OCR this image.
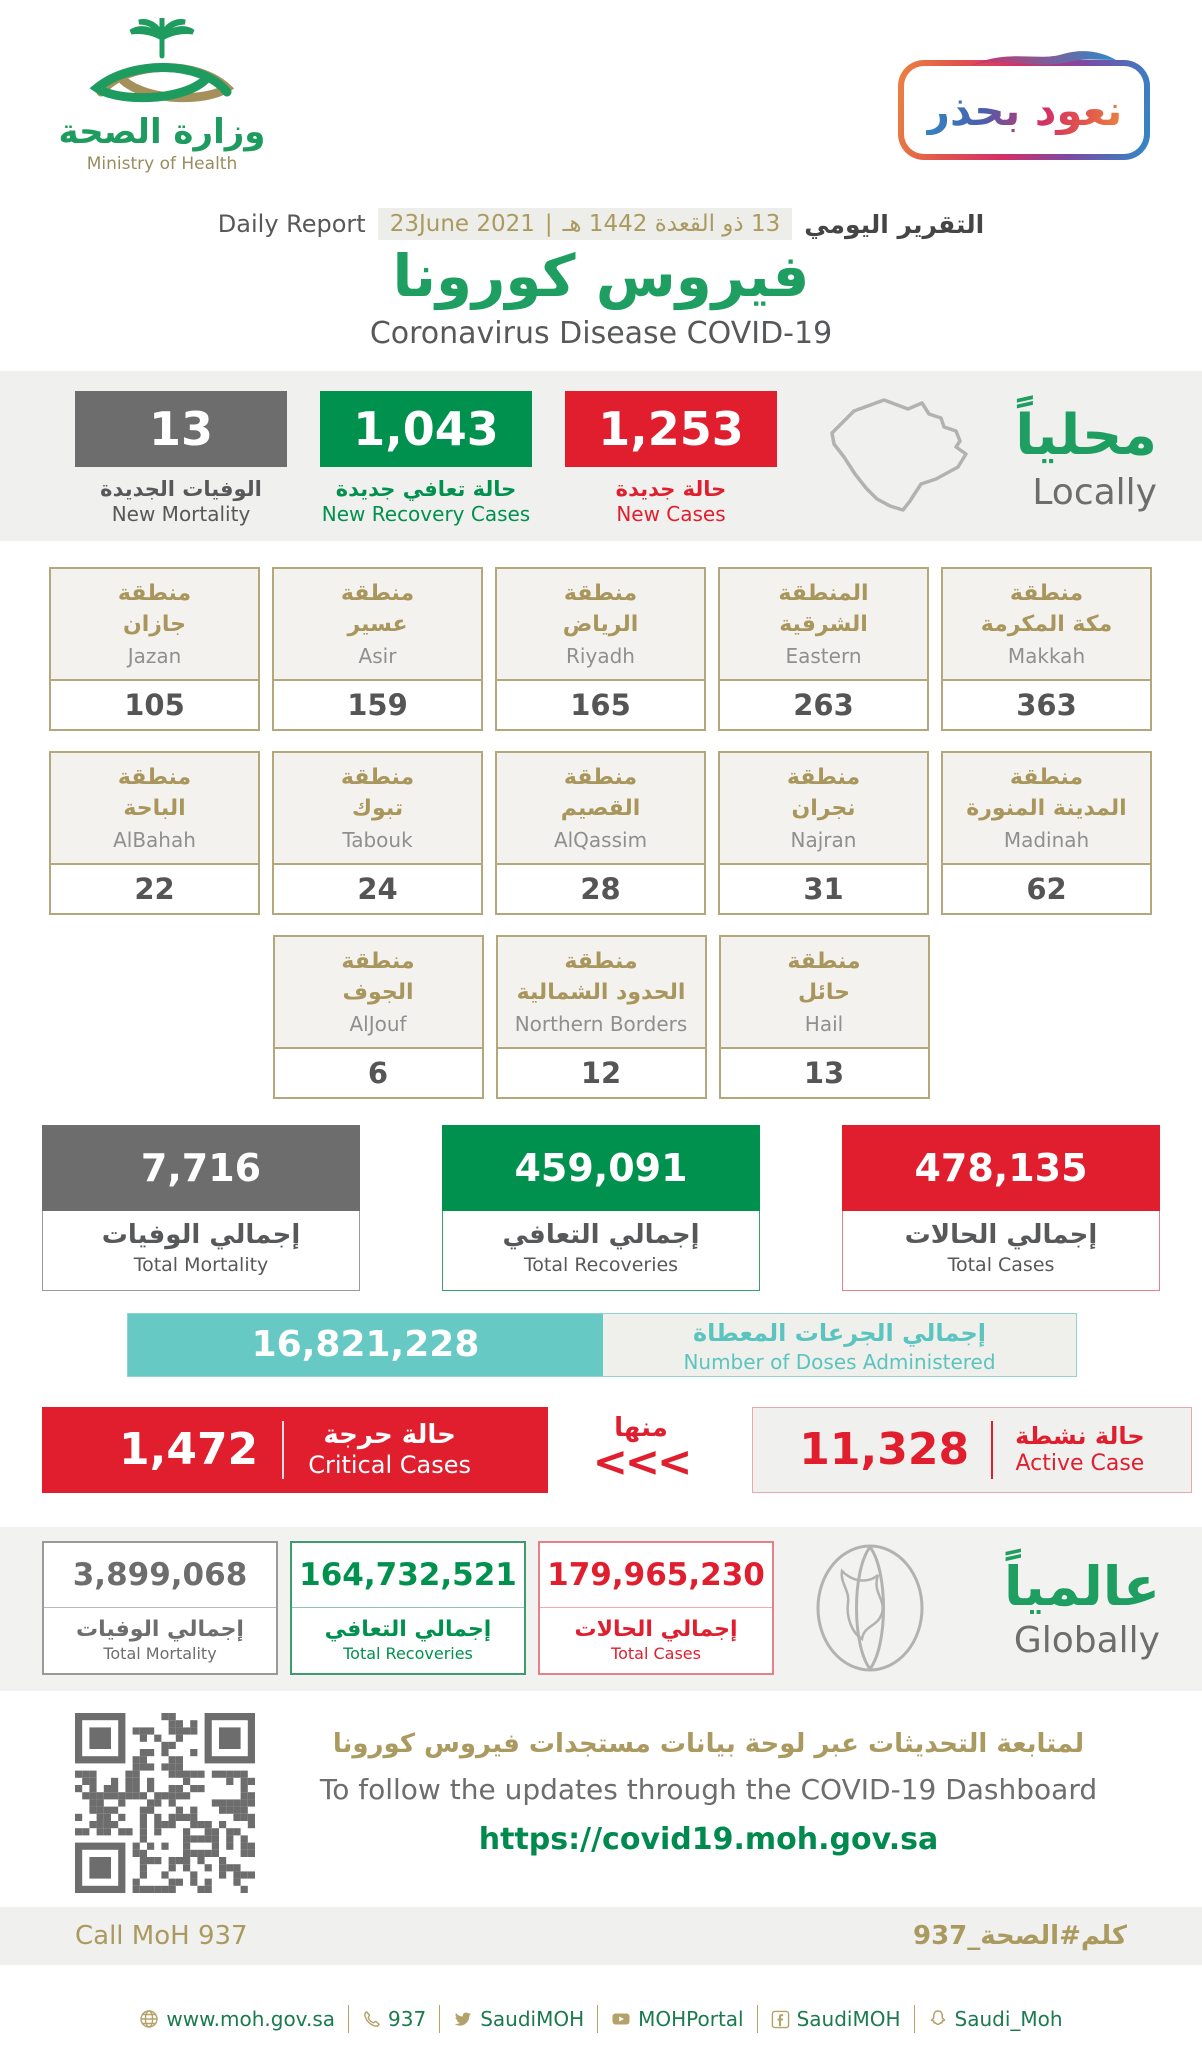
وزارة الصحة
Ministry of Health
نعود بحذر
Daily Report 23June 2021 | 13 ذو القعدة 1442 هـ التقرير اليومي
فيروس كورونا
Coronavirus Disease COVID-19
13
الوفيات الجديدة
New Mortality
1,043
حالة تعافي جديدة
New Recovery Cases
1,253
حالة جديدة
New Cases
محلياً
Locally
منطقة
جازان
Jazan
105
منطقة
عسير
Asir
159
منطقة
الرياض
Riyadh
165
المنطقة
الشرقية
Eastern
263
منطقة
مكة المكرمة
Makkah
363
منطقة
الباحة
AlBahah
22
منطقة
تبوك
Tabouk
24
منطقة
القصيم
AlQassim
28
منطقة
نجران
Najran
31
منطقة
المدينة المنورة
Madinah
62
منطقة
الجوف
AlJouf
6
منطقة
الحدود الشمالية
Northern Borders
12
منطقة
حائل
Hail
13
7,716
إجمالي الوفيات
Total Mortality
459,091
إجمالي التعافي
Total Recoveries
478,135
إجمالي الحالات
Total Cases
16,821,228	إجمالي الجرعات المعطاة
Number of Doses Administered
1,472	حالة حرجة
Critical Cases
منها
<<<	11,328 حالة نشطة
Active Case
3,899,068
إجمالي الوفيات
Total Mortality
164,732,521
إجمالي التعافي
Total Recoveries
179,965,230
إجمالي الحالات
Total Cases
عالمياً
Globally
لمتابعة التحديثات عبر لوحة بيانات مستجدات فيروس كورونا
To follow the updates through the COVID-19 Dashboard
https://covid19.moh.gov.sa
Call MoH 937	كلم#الصحة_937
www.moh.gov.sa	937	SaudiMOH	MOHPortal	SaudiMOH	Saudi_Moh
